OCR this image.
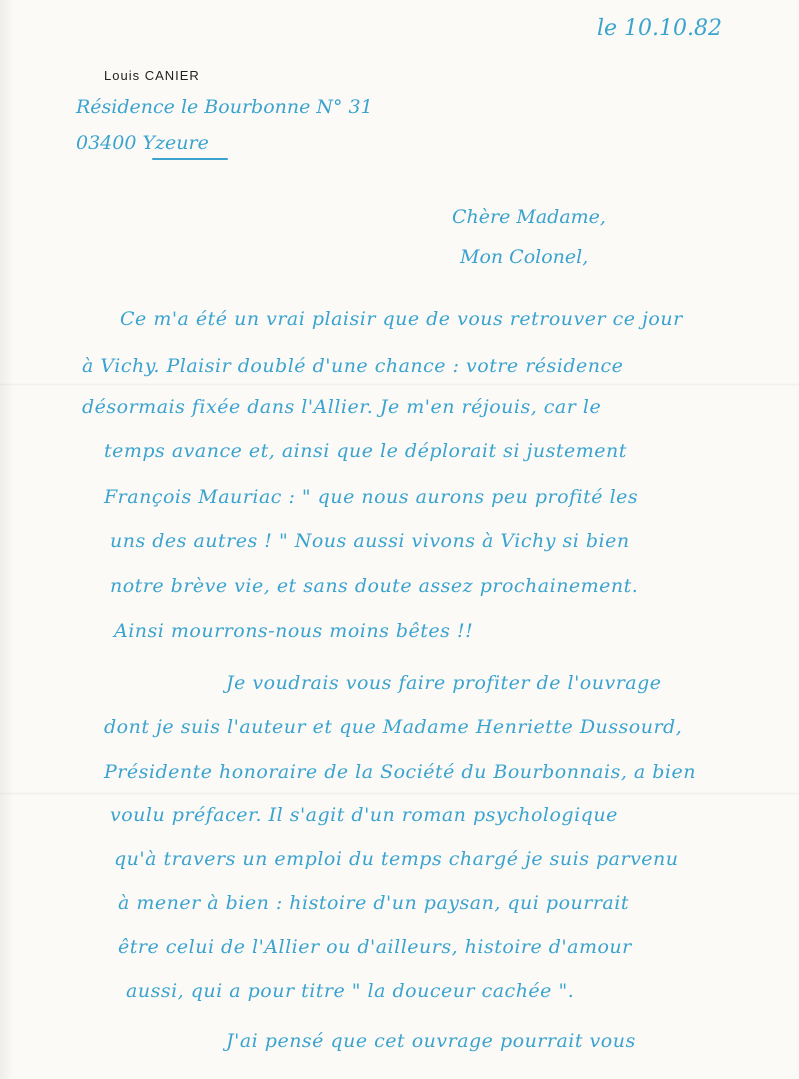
le 10.10.82
Louis CANIER
Résidence le Bourbonne N° 31
03400 Yzeure
Chère Madame,
Mon Colonel,
Ce m'a été un vrai plaisir que de vous retrouver ce jour
à Vichy. Plaisir doublé d'une chance : votre résidence
désormais fixée dans l'Allier. Je m'en réjouis, car le
temps avance et, ainsi que le déplorait si justement
François Mauriac : " que nous aurons peu profité les
uns des autres ! " Nous aussi vivons à Vichy si bien
notre brève vie, et sans doute assez prochainement.
Ainsi mourrons-nous moins bêtes !!
Je voudrais vous faire profiter de l'ouvrage
dont je suis l'auteur et que Madame Henriette Dussourd,
Présidente honoraire de la Société du Bourbonnais, a bien
voulu préfacer. Il s'agit d'un roman psychologique
qu'à travers un emploi du temps chargé je suis parvenu
à mener à bien : histoire d'un paysan, qui pourrait
être celui de l'Allier ou d'ailleurs, histoire d'amour
aussi, qui a pour titre " la douceur cachée ".
J'ai pensé que cet ouvrage pourrait vous
